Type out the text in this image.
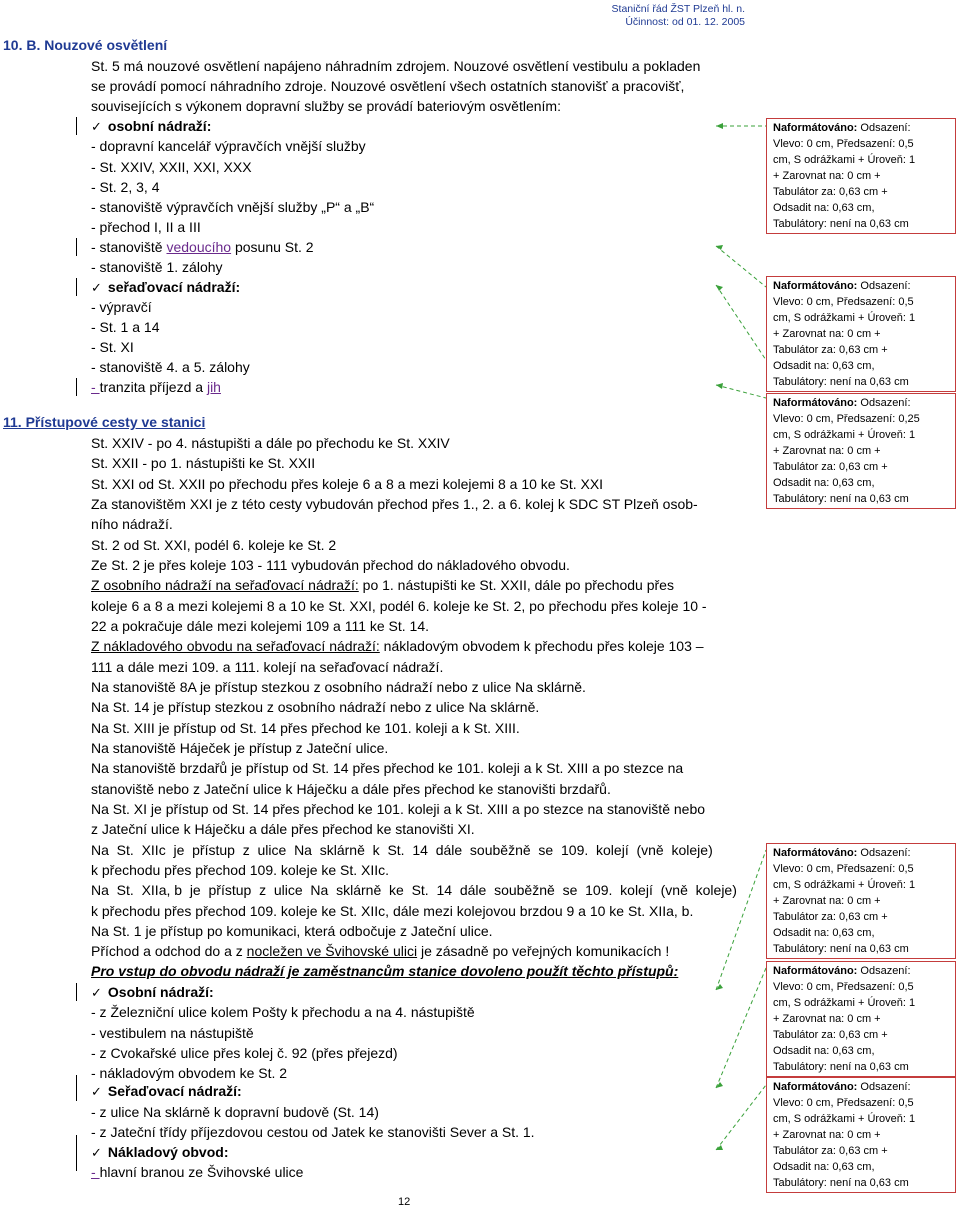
Staniční řád ŽST Plzeň hl. n.
Účinnost: od 01. 12. 2005
10. B. Nouzové osvětlení
St. 5 má nouzové osvětlení napájeno náhradním zdrojem. Nouzové osvětlení vestibulu a pokladen
se provádí pomocí náhradního zdroje. Nouzové osvětlení všech ostatních stanovišť a pracovišť,
souvisejících s výkonem dopravní služby se provádí bateriovým osvětlením:
✓ osobní nádraží:
- dopravní kancelář výpravčích vnější služby
- St. XXIV, XXII, XXI, XXX
- St. 2, 3, 4
- stanoviště výpravčích vnější služby „P“ a „B“
- přechod I, II a III
- stanoviště vedoucího posunu St. 2
- stanoviště 1. zálohy
✓ seřaďovací nádraží:
- výpravčí
- St. 1 a 14
- St. XI
- stanoviště 4. a 5. zálohy
- tranzita příjezd a jih
11. Přístupové cesty ve stanici
St. XXIV - po 4. nástupišti a dále po přechodu ke St. XXIV
St. XXII - po 1. nástupišti ke St. XXII
St. XXI od St. XXII po přechodu přes koleje 6 a 8 a mezi kolejemi 8 a 10 ke St. XXI
Za stanovištěm XXI je z této cesty vybudován přechod přes 1., 2. a 6. kolej k SDC ST Plzeň osob-
ního nádraží.
St. 2 od St. XXI, podél 6. koleje ke St. 2
Ze St. 2 je přes koleje 103 - 111 vybudován přechod do nákladového obvodu.
Z osobního nádraží na seřaďovací nádraží: po 1. nástupišti ke St. XXII, dále po přechodu přes
koleje 6 a 8 a mezi kolejemi 8 a 10 ke St. XXI, podél 6. koleje ke St. 2, po přechodu přes koleje 10 -
22 a pokračuje dále mezi kolejemi 109 a 111 ke St. 14.
Z nákladového obvodu na seřaďovací nádraží: nákladovým obvodem k přechodu přes koleje 103 –
111 a dále mezi 109. a 111. kolejí na seřaďovací nádraží.
Na stanoviště 8A je přístup stezkou z osobního nádraží nebo z ulice Na sklárně.
Na St. 14 je přístup stezkou z osobního nádraží nebo z ulice Na sklárně.
Na St. XIII je přístup od St. 14 přes přechod ke 101. koleji a k St. XIII.
Na stanoviště Háječek je přístup z Jateční ulice.
Na stanoviště brzdařů je přístup od St. 14 přes přechod ke 101. koleji a k St. XIII a po stezce na
stanoviště nebo z Jateční ulice k Háječku a dále přes přechod ke stanovišti brzdařů.
Na St. XI je přístup od St. 14 přes přechod ke 101. koleji a k St. XIII a po stezce na stanoviště nebo
z Jateční ulice k Háječku a dále přes přechod ke stanovišti XI.
Na  St.  XIIc  je  přístup  z  ulice  Na  sklárně  k  St.  14  dále  souběžně  se  109.  kolejí  (vně  koleje)
k přechodu přes přechod 109. koleje ke St. XIIc.
Na  St.  XIIa, b  je  přístup  z  ulice  Na  sklárně  ke  St.  14  dále  souběžně  se  109.  kolejí  (vně  koleje)
k přechodu přes přechod 109. koleje ke St. XIIc, dále mezi kolejovou brzdou 9 a 10 ke St. XIIa, b.
Na St. 1 je přístup po komunikaci, která odbočuje z Jateční ulice.
Příchod a odchod do a z nocležen ve Švihovské ulici je zásadně po veřejných komunikacích !
Pro vstup do obvodu nádraží je zaměstnancům stanice dovoleno použít těchto přístupů:
✓ Osobní nádraží:
- z Železniční ulice kolem Pošty k přechodu a na 4. nástupiště
- vestibulem na nástupiště
- z Cvokařské ulice přes kolej č. 92 (přes přejezd)
- nákladovým obvodem ke St. 2
✓ Seřaďovací nádraží:
- z ulice Na sklárně k dopravní budově (St. 14)
- z Jateční třídy příjezdovou cestou od Jatek ke stanovišti Sever a St. 1.
✓ Nákladový obvod:
- hlavní branou ze Švihovské ulice
Naformátováno: Odsazení:
Vlevo: 0 cm, Předsazení: 0,5
cm, S odrážkami + Úroveň: 1
+ Zarovnat na: 0 cm +
Tabulátor za: 0,63 cm +
Odsadit na: 0,63 cm,
Tabulátory: není na 0,63 cm
Naformátováno: Odsazení:
Vlevo: 0 cm, Předsazení: 0,5
cm, S odrážkami + Úroveň: 1
+ Zarovnat na: 0 cm +
Tabulátor za: 0,63 cm +
Odsadit na: 0,63 cm,
Tabulátory: není na 0,63 cm
Naformátováno: Odsazení:
Vlevo: 0 cm, Předsazení: 0,25
cm, S odrážkami + Úroveň: 1
+ Zarovnat na: 0 cm +
Tabulátor za: 0,63 cm +
Odsadit na: 0,63 cm,
Tabulátory: není na 0,63 cm
Naformátováno: Odsazení:
Vlevo: 0 cm, Předsazení: 0,5
cm, S odrážkami + Úroveň: 1
+ Zarovnat na: 0 cm +
Tabulátor za: 0,63 cm +
Odsadit na: 0,63 cm,
Tabulátory: není na 0,63 cm
Naformátováno: Odsazení:
Vlevo: 0 cm, Předsazení: 0,5
cm, S odrážkami + Úroveň: 1
+ Zarovnat na: 0 cm +
Tabulátor za: 0,63 cm +
Odsadit na: 0,63 cm,
Tabulátory: není na 0,63 cm
Naformátováno: Odsazení:
Vlevo: 0 cm, Předsazení: 0,5
cm, S odrážkami + Úroveň: 1
+ Zarovnat na: 0 cm +
Tabulátor za: 0,63 cm +
Odsadit na: 0,63 cm,
Tabulátory: není na 0,63 cm
12
